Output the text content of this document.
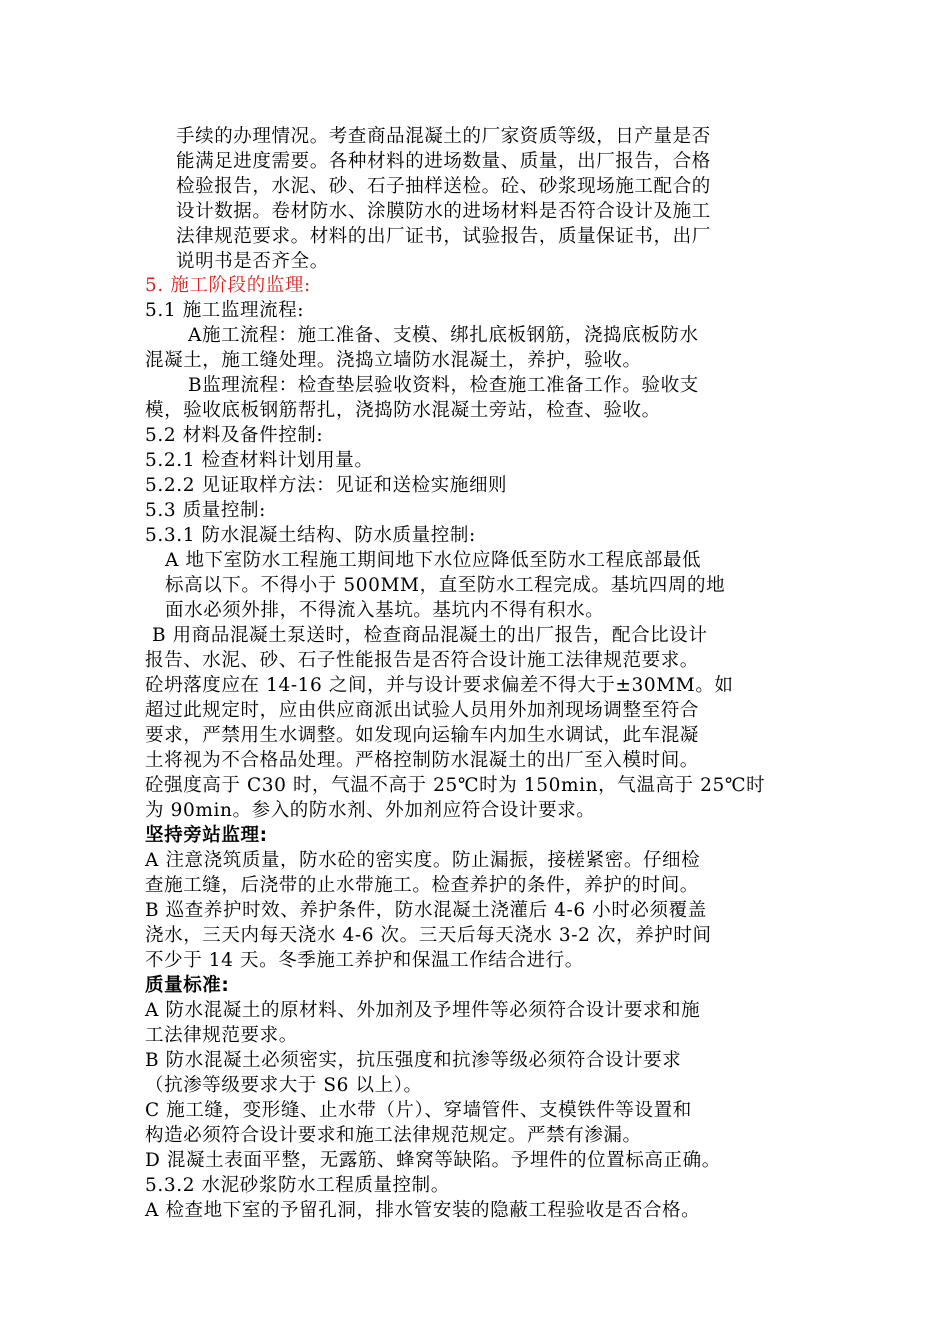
手续的办理情况。考查商品混凝土的厂家资质等级，日产量是否
能满足进度需要。各种材料的进场数量、质量，出厂报告，合格
检验报告，水泥、砂、石子抽样送检。砼、砂浆现场施工配合的
设计数据。卷材防水、涂膜防水的进场材料是否符合设计及施工
法律规范要求。材料的出厂证书，试验报告，质量保证书，出厂
说明书是否齐全。
5. 施工阶段的监理:
5.1 施工监理流程:
A施工流程：施工准备、支模、绑扎底板钢筋，浇捣底板防水
混凝土，施工缝处理。浇捣立墙防水混凝土，养护，验收。
B监理流程：检查垫层验收资料，检查施工准备工作。验收支
模，验收底板钢筋帮扎，浇捣防水混凝土旁站，检查、验收。
5.2 材料及备件控制:
5.2.1 检查材料计划用量。
5.2.2 见证取样方法：见证和送检实施细则
5.3 质量控制:
5.3.1 防水混凝土结构、防水质量控制:
A 地下室防水工程施工期间地下水位应降低至防水工程底部最低
标高以下。不得小于 500MM，直至防水工程完成。基坑四周的地
面水必须外排，不得流入基坑。基坑内不得有积水。
B 用商品混凝土泵送时，检查商品混凝土的出厂报告，配合比设计
报告、水泥、砂、石子性能报告是否符合设计施工法律规范要求。
砼坍落度应在 14-16 之间，并与设计要求偏差不得大于±30MM。如
超过此规定时，应由供应商派出试验人员用外加剂现场调整至符合
要求，严禁用生水调整。如发现向运输车内加生水调试，此车混凝
土将视为不合格品处理。严格控制防水混凝土的出厂至入模时间。
砼强度高于 C30 时，气温不高于 25℃时为 150min，气温高于 25℃时
为 90min。参入的防水剂、外加剂应符合设计要求。
坚持旁站监理:
A 注意浇筑质量，防水砼的密实度。防止漏振，接槎紧密。仔细检
查施工缝，后浇带的止水带施工。检查养护的条件，养护的时间。
B 巡查养护时效、养护条件，防水混凝土浇灌后 4-6 小时必须覆盖
浇水，三天内每天浇水 4-6 次。三天后每天浇水 3-2 次，养护时间
不少于 14 天。冬季施工养护和保温工作结合进行。
质量标准:
A 防水混凝土的原材料、外加剂及予埋件等必须符合设计要求和施
工法律规范要求。
B 防水混凝土必须密实，抗压强度和抗渗等级必须符合设计要求
（抗渗等级要求大于 S6 以上）。
C 施工缝，变形缝、止水带（片）、穿墙管件、支模铁件等设置和
构造必须符合设计要求和施工法律规范规定。严禁有渗漏。
D 混凝土表面平整，无露筋、蜂窝等缺陷。予埋件的位置标高正确。
5.3.2 水泥砂浆防水工程质量控制。
A 检查地下室的予留孔洞，排水管安装的隐蔽工程验收是否合格。
